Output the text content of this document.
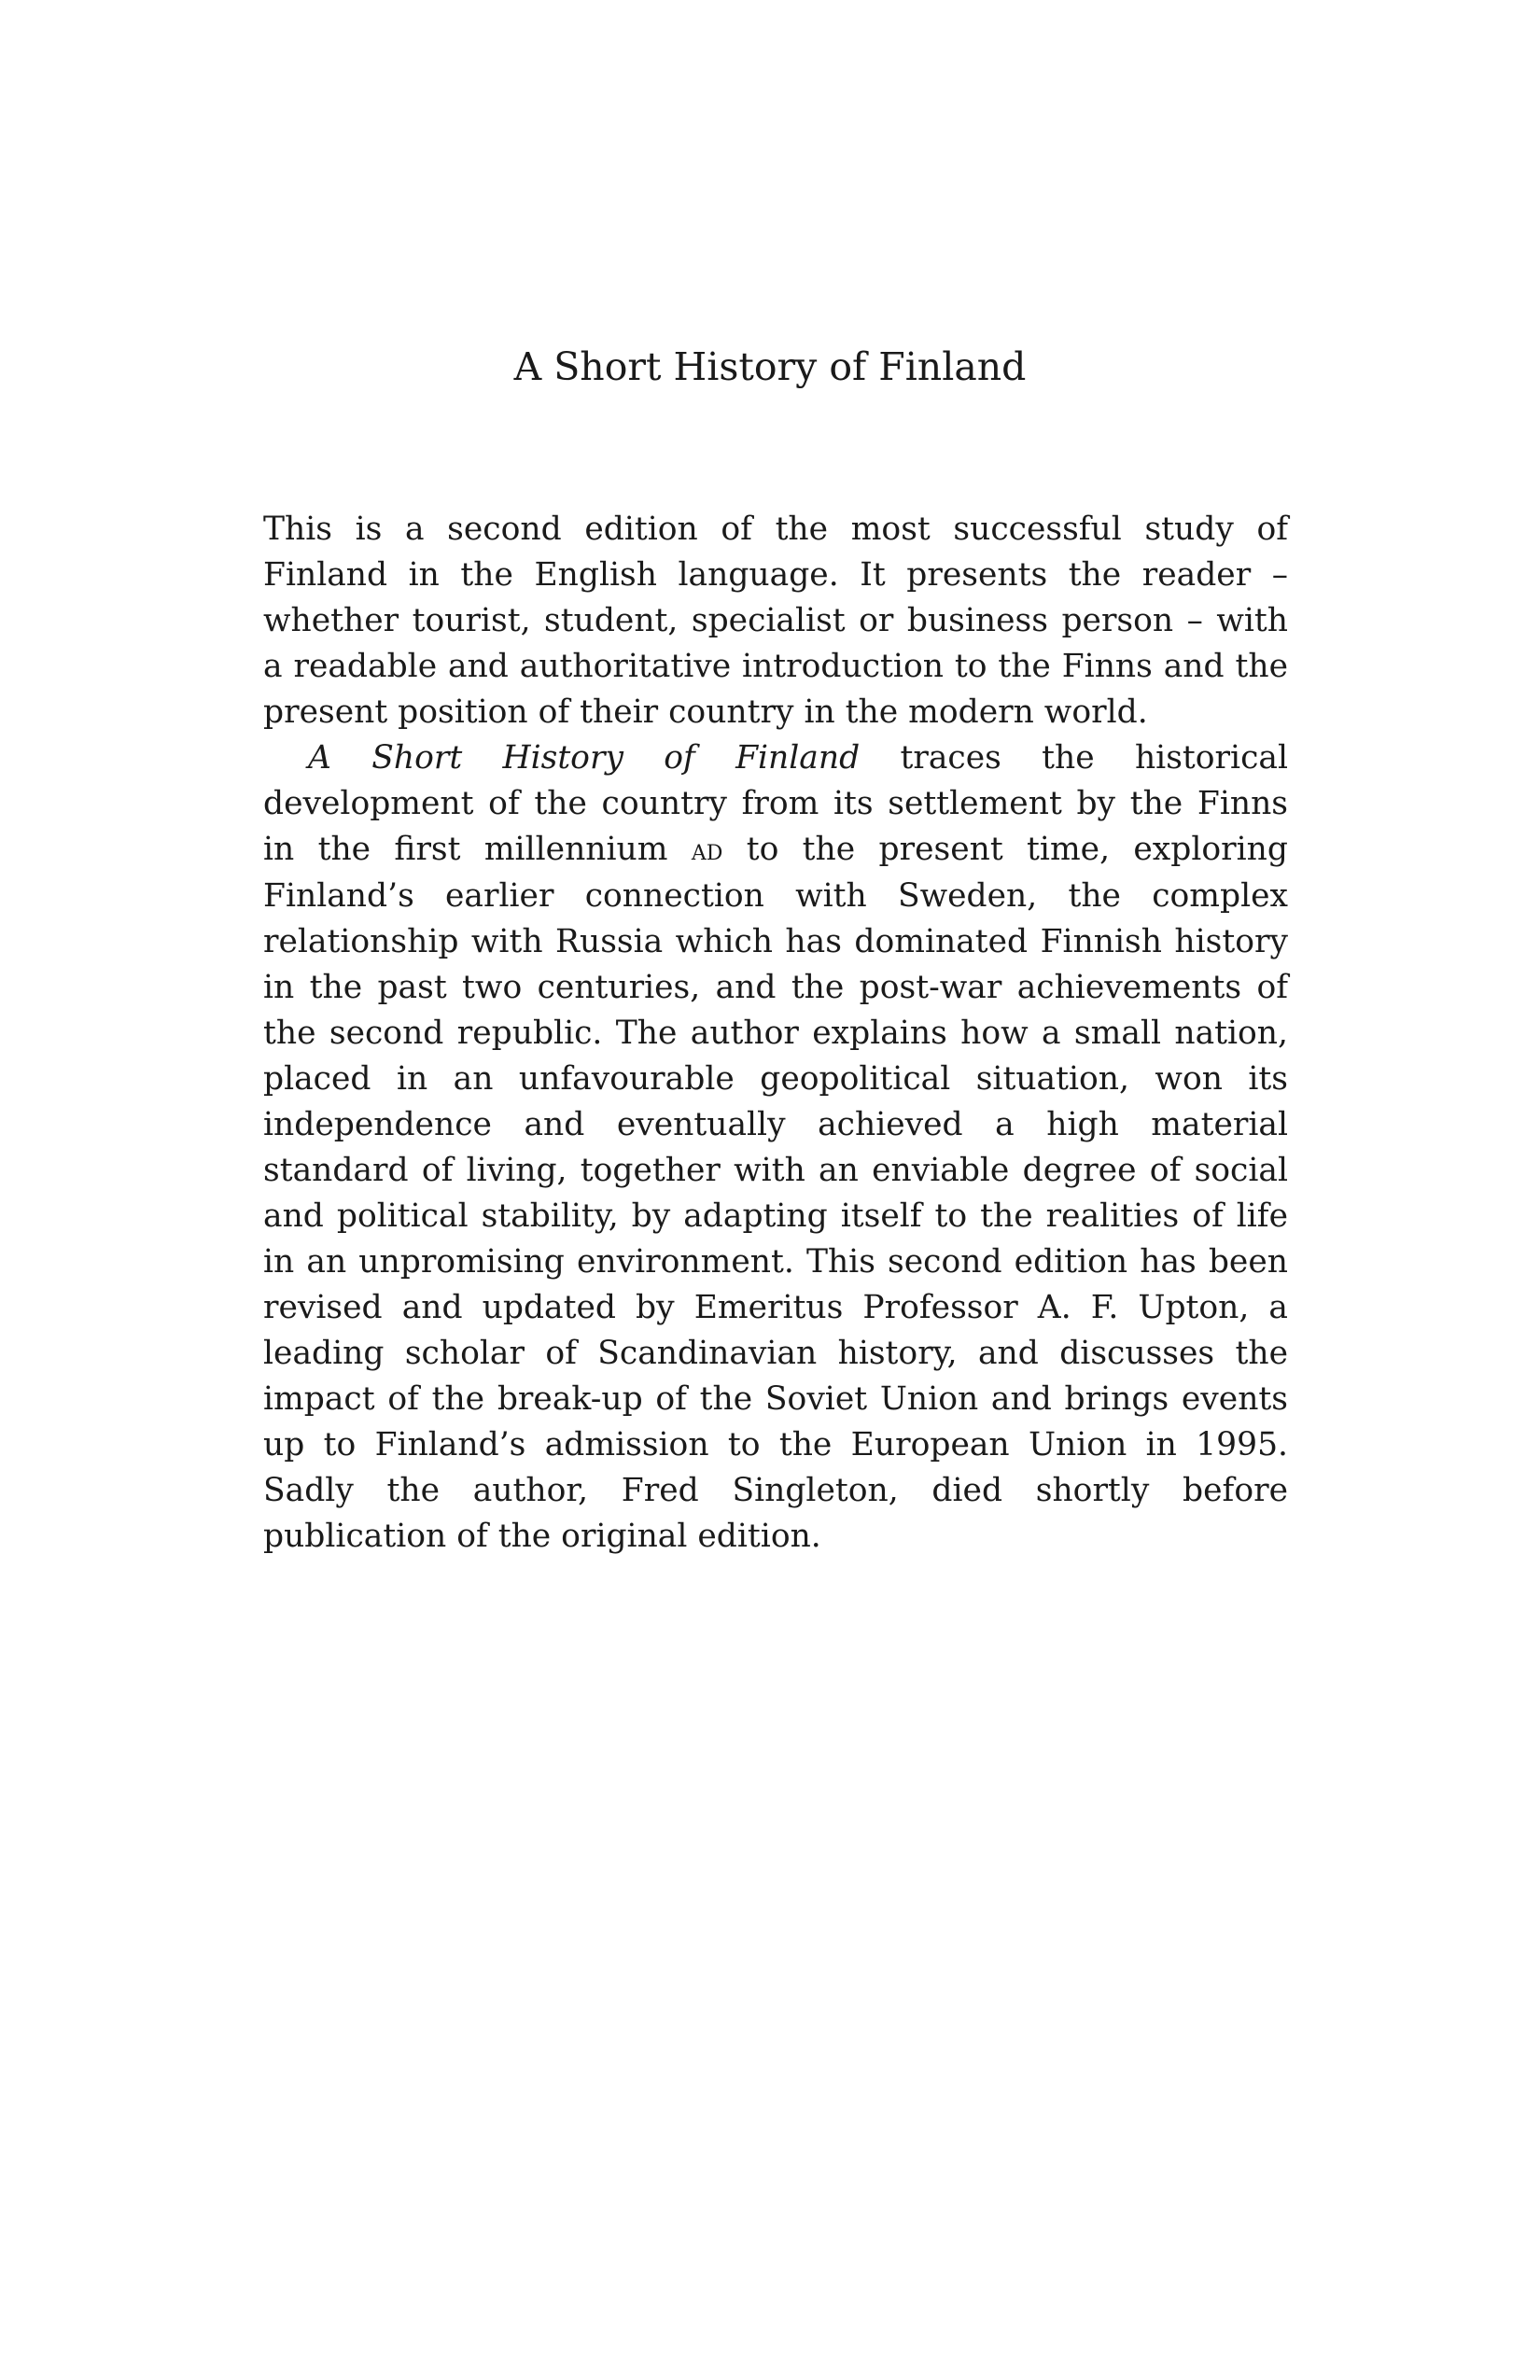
A Short History of Finland

This is a second edition of the most successful study of Finland in the English language. It presents the reader – whether tourist, student, specialist or business person – with a readable and authoritative introduction to the Finns and the present position of their country in the modern world.

A Short History of Finland traces the historical development of the country from its settlement by the Finns in the first millennium ad to the present time, exploring Finland’s earlier connection with Sweden, the complex relationship with Russia which has dominated Finnish history in the past two centuries, and the post-war achievements of the second republic. The author explains how a small nation, placed in an unfavourable geopolitical situation, won its independence and eventually achieved a high material standard of living, together with an enviable degree of social and political stability, by adapting itself to the realities of life in an unpromising environment. This second edition has been revised and updated by Emeritus Professor A. F. Upton, a leading scholar of Scandinavian history, and discusses the impact of the break-up of the Soviet Union and brings events up to Finland’s admission to the European Union in 1995. Sadly the author, Fred Singleton, died shortly before publication of the original edition.
